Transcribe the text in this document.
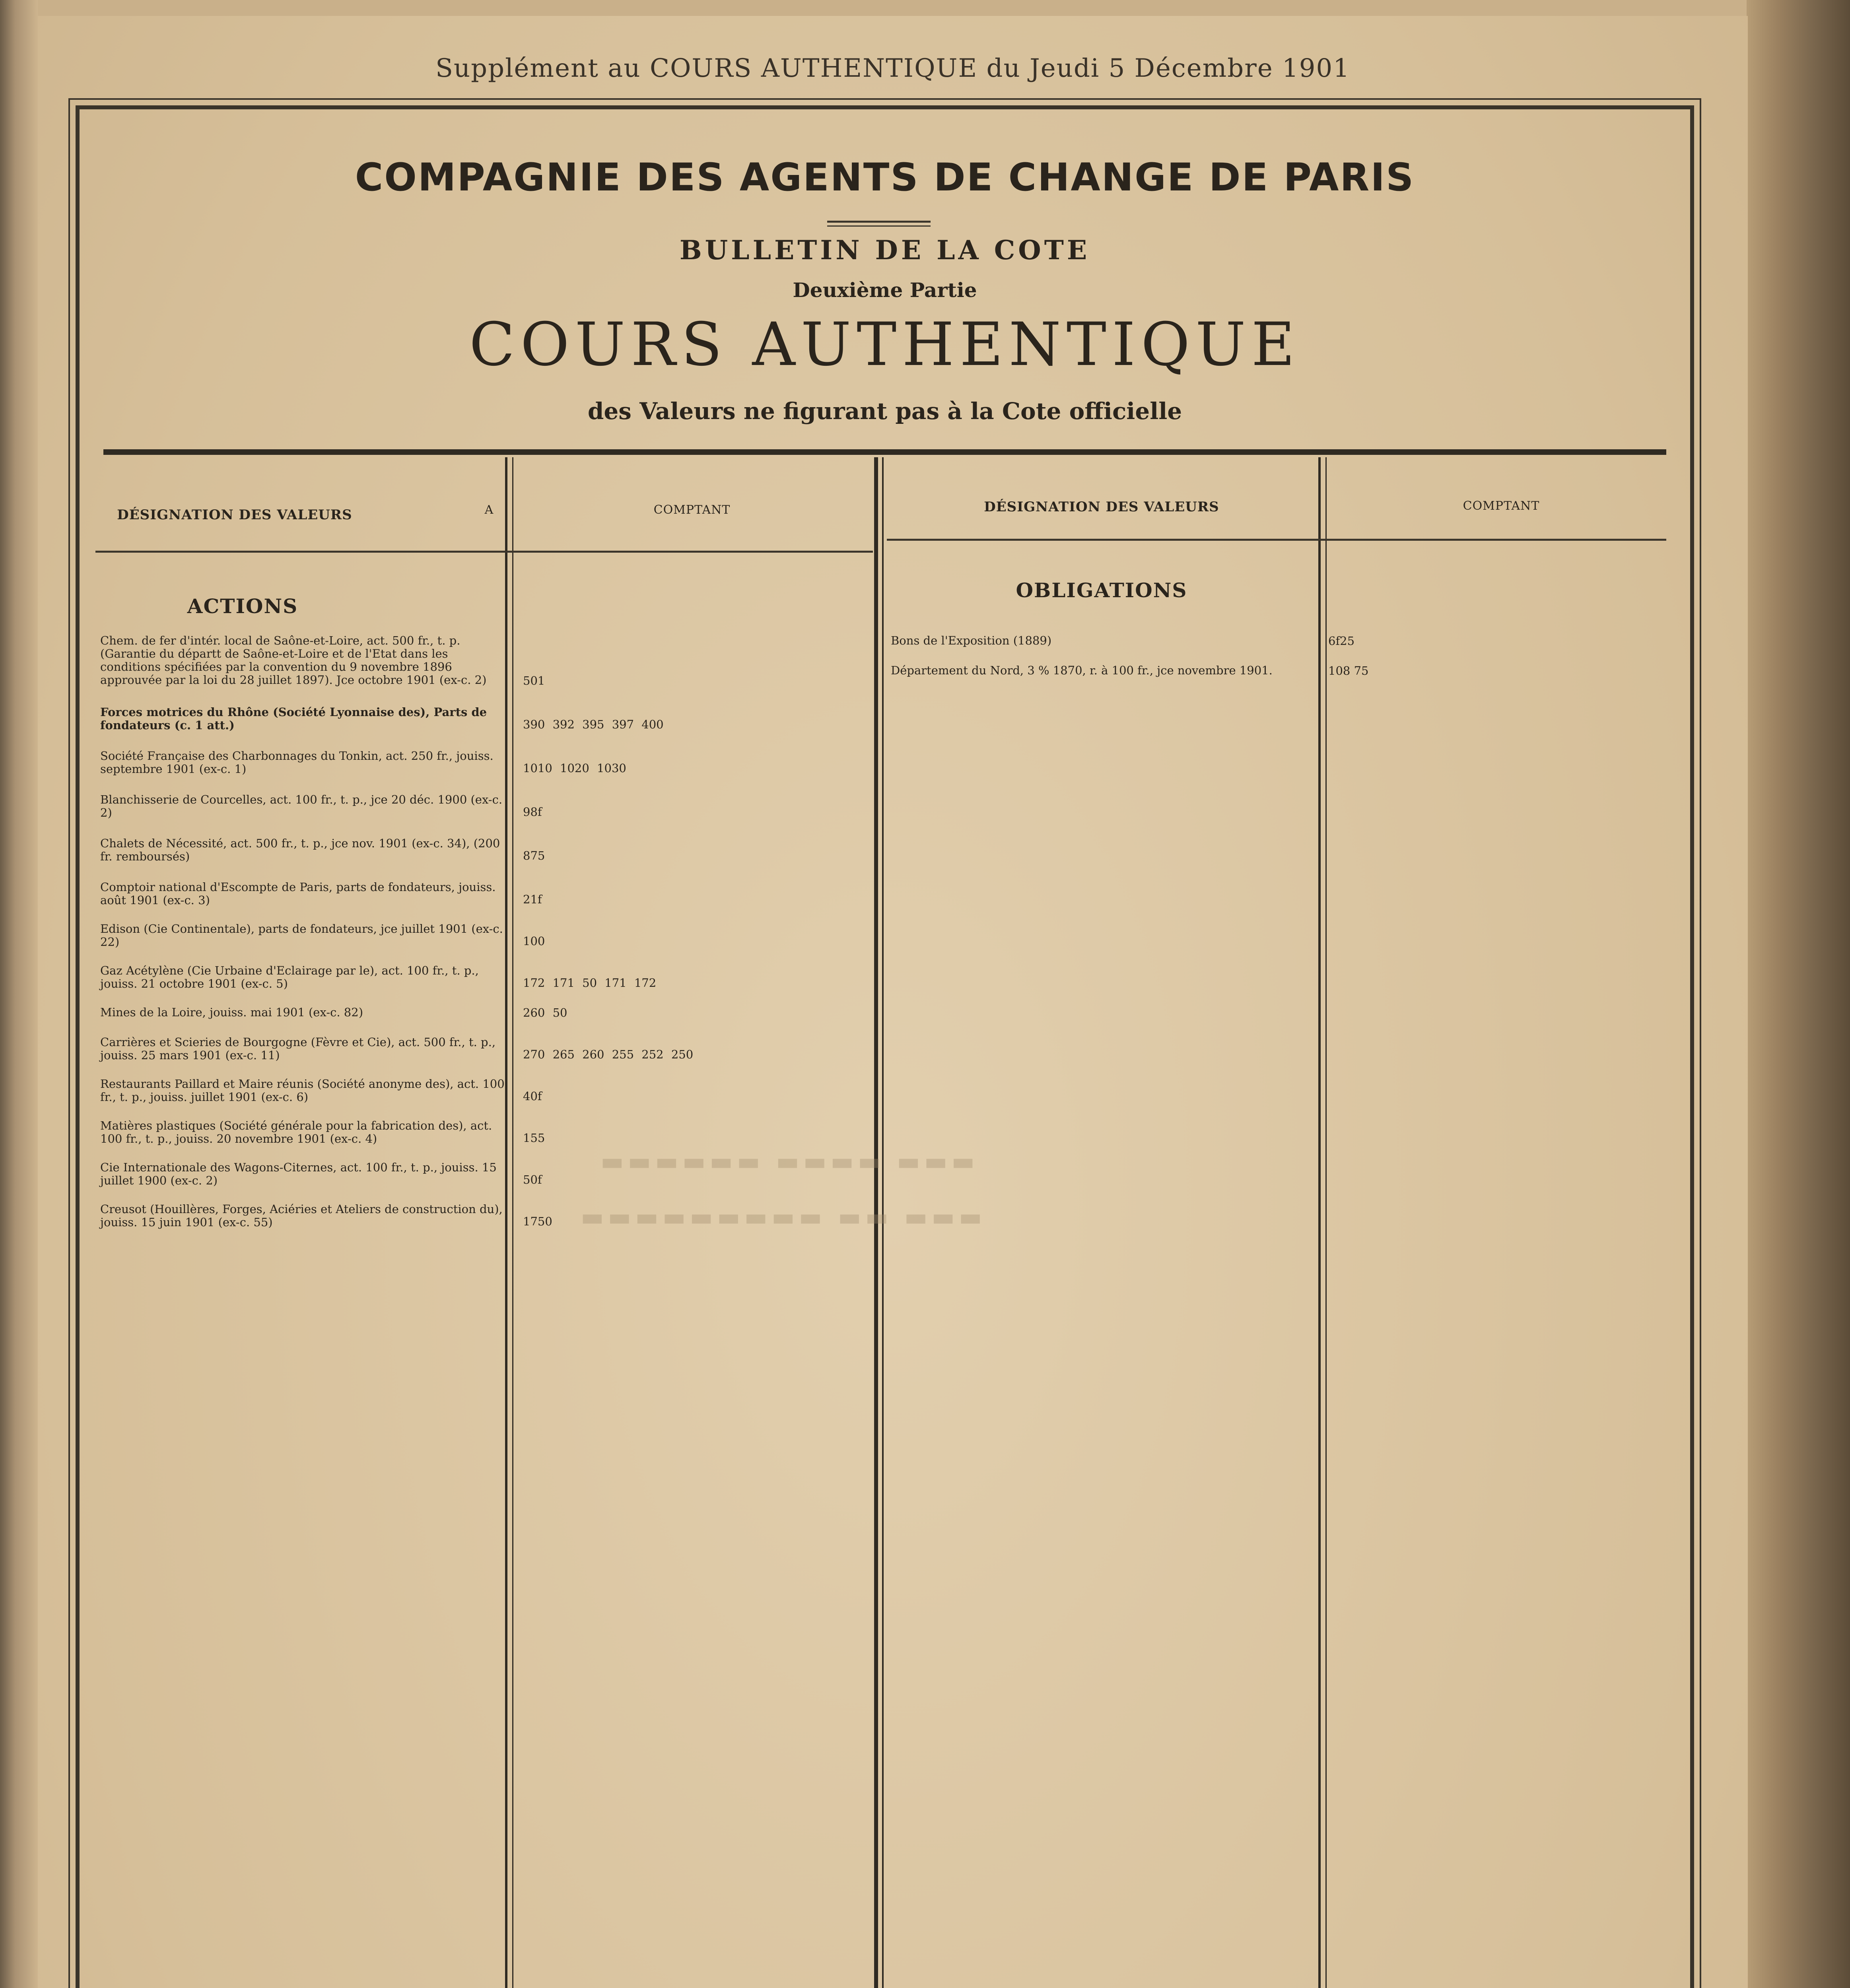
Supplément au COURS AUTHENTIQUE du Jeudi 5 Décembre 1901
COMPAGNIE DES AGENTS DE CHANGE DE PARIS
BULLETIN DE LA COTE
Deuxième Partie
COURS AUTHENTIQUE
des Valeurs ne figurant pas à la Cote officielle
DÉSIGNATION DES VALEURS	A	COMPTANT	DÉSIGNATION DES VALEURS	COMPTANT
ACTIONS
Chem. de fer d'intér. local de Saône-et-Loire, act. 500 fr., t. p. (Garantie du départt de Saône-et-Loire et de l'Etat dans les conditions spécifiées par la convention du 9 novembre 1896 approuvée par la loi du 28 juillet 1897). Jce octobre 1901 (ex-c. 2)	501
Forces motrices du Rhône (Société Lyonnaise des), Parts de fondateurs (c. 1 att.)	390 392 395 397 400
Société Française des Charbonnages du Tonkin, act. 250 fr., jouiss. septembre 1901 (ex-c. 1)	1010 1020 1030
Blanchisserie de Courcelles, act. 100 fr., t. p., jce 20 déc. 1900 (ex-c. 2)	98f
Chalets de Nécessité, act. 500 fr., t. p., jce nov. 1901 (ex-c. 34), (200 fr. remboursés)	875
Comptoir national d'Escompte de Paris, parts de fondateurs, jouiss. août 1901 (ex-c. 3)	21f
Edison (Cie Continentale), parts de fondateurs, jce juillet 1901 (ex-c. 22)	100
Gaz Acétylène (Cie Urbaine d'Eclairage par le), act. 100 fr., t. p., jouiss. 21 octobre 1901 (ex-c. 5)	172 171 50 171 172
Mines de la Loire, jouiss. mai 1901 (ex-c. 82)	260 50
Carrières et Scieries de Bourgogne (Fèvre et Cie), act. 500 fr., t. p., jouiss. 25 mars 1901 (ex-c. 11)	270 265 260 255 252 250
Restaurants Paillard et Maire réunis (Société anonyme des), act. 100 fr., t. p., jouiss. juillet 1901 (ex-c. 6)	40f
Matières plastiques (Société générale pour la fabrication des), act. 100 fr., t. p., jouiss. 20 novembre 1901 (ex-c. 4)	155
Cie Internationale des Wagons-Citernes, act. 100 fr., t. p., jouiss. 15 juillet 1900 (ex-c. 2)	50f
Creusot (Houillères, Forges, Aciéries et Ateliers de construction du), jouiss. 15 juin 1901 (ex-c. 55)	1750
OBLIGATIONS
Bons de l'Exposition (1889)	6f25
Département du Nord, 3 % 1870, r. à 100 fr., jce novembre 1901.	108 75
▬▬▬ ▬▬▬▬ ▬▬▬▬▬▬
▬▬▬ ▬▬ ▬▬▬▬▬▬▬▬▬
